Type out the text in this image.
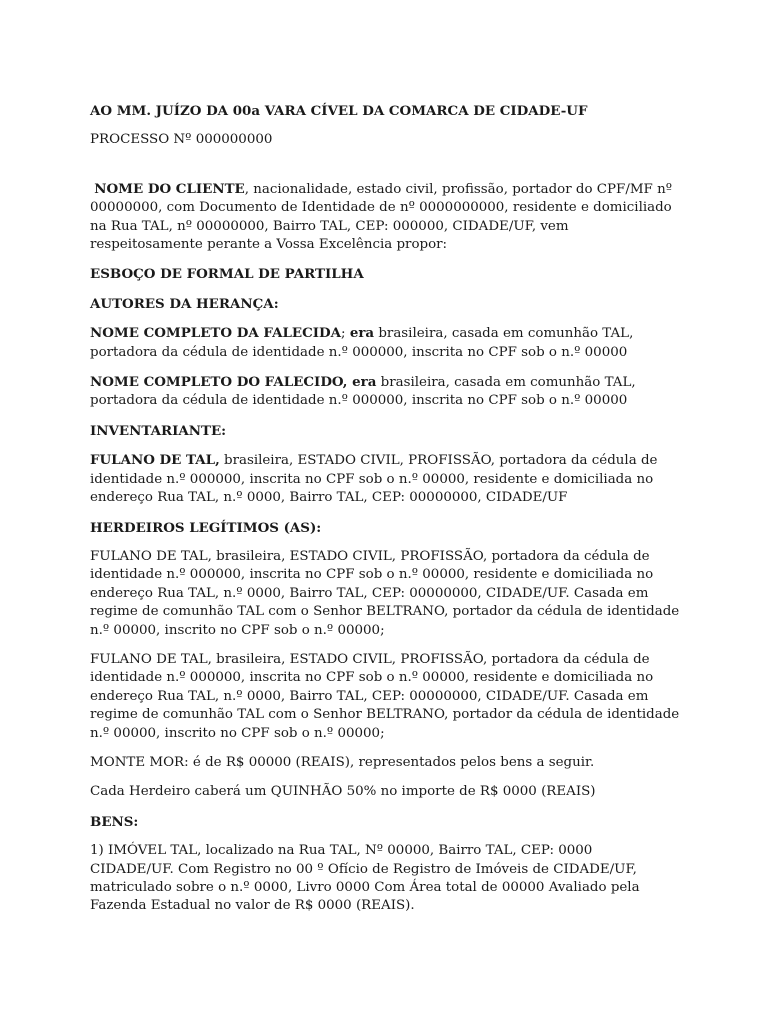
AO MM. JUÍZO DA 00a VARA CÍVEL DA COMARCA DE CIDADE-UF

PROCESSO Nº 000000000

NOME DO CLIENTE, nacionalidade, estado civil, profissão, portador do CPF/MF nº 00000000, com Documento de Identidade de nº 0000000000, residente e domiciliado na Rua TAL, nº 00000000, Bairro TAL, CEP: 000000, CIDADE/UF, vem respeitosamente perante a Vossa Excelência propor:

ESBOÇO DE FORMAL DE PARTILHA

AUTORES DA HERANÇA:

NOME COMPLETO DA FALECIDA; era brasileira, casada em comunhão TAL, portadora da cédula de identidade n.º 000000, inscrita no CPF sob o n.º 00000

NOME COMPLETO DO FALECIDO, era brasileira, casada em comunhão TAL, portadora da cédula de identidade n.º 000000, inscrita no CPF sob o n.º 00000

INVENTARIANTE:

FULANO DE TAL, brasileira, ESTADO CIVIL, PROFISSÃO, portadora da cédula de identidade n.º 000000, inscrita no CPF sob o n.º 00000, residente e domiciliada no endereço Rua TAL, n.º 0000, Bairro TAL, CEP: 00000000, CIDADE/UF

HERDEIROS LEGÍTIMOS (AS):

FULANO DE TAL, brasileira, ESTADO CIVIL, PROFISSÃO, portadora da cédula de identidade n.º 000000, inscrita no CPF sob o n.º 00000, residente e domiciliada no endereço Rua TAL, n.º 0000, Bairro TAL, CEP: 00000000, CIDADE/UF. Casada em regime de comunhão TAL com o Senhor BELTRANO, portador da cédula de identidade n.º 00000, inscrito no CPF sob o n.º 00000;

FULANO DE TAL, brasileira, ESTADO CIVIL, PROFISSÃO, portadora da cédula de identidade n.º 000000, inscrita no CPF sob o n.º 00000, residente e domiciliada no endereço Rua TAL, n.º 0000, Bairro TAL, CEP: 00000000, CIDADE/UF. Casada em regime de comunhão TAL com o Senhor BELTRANO, portador da cédula de identidade n.º 00000, inscrito no CPF sob o n.º 00000;

MONTE MOR: é de R$ 00000 (REAIS), representados pelos bens a seguir.

Cada Herdeiro caberá um QUINHÃO 50% no importe de R$ 0000 (REAIS)

BENS:

1) IMÓVEL TAL, localizado na Rua TAL, Nº 00000, Bairro TAL, CEP: 0000 CIDADE/UF. Com Registro no 00 º Ofício de Registro de Imóveis de CIDADE/UF, matriculado sobre o n.º 0000, Livro 0000 Com Área total de 00000 Avaliado pela Fazenda Estadual no valor de R$ 0000 (REAIS).
